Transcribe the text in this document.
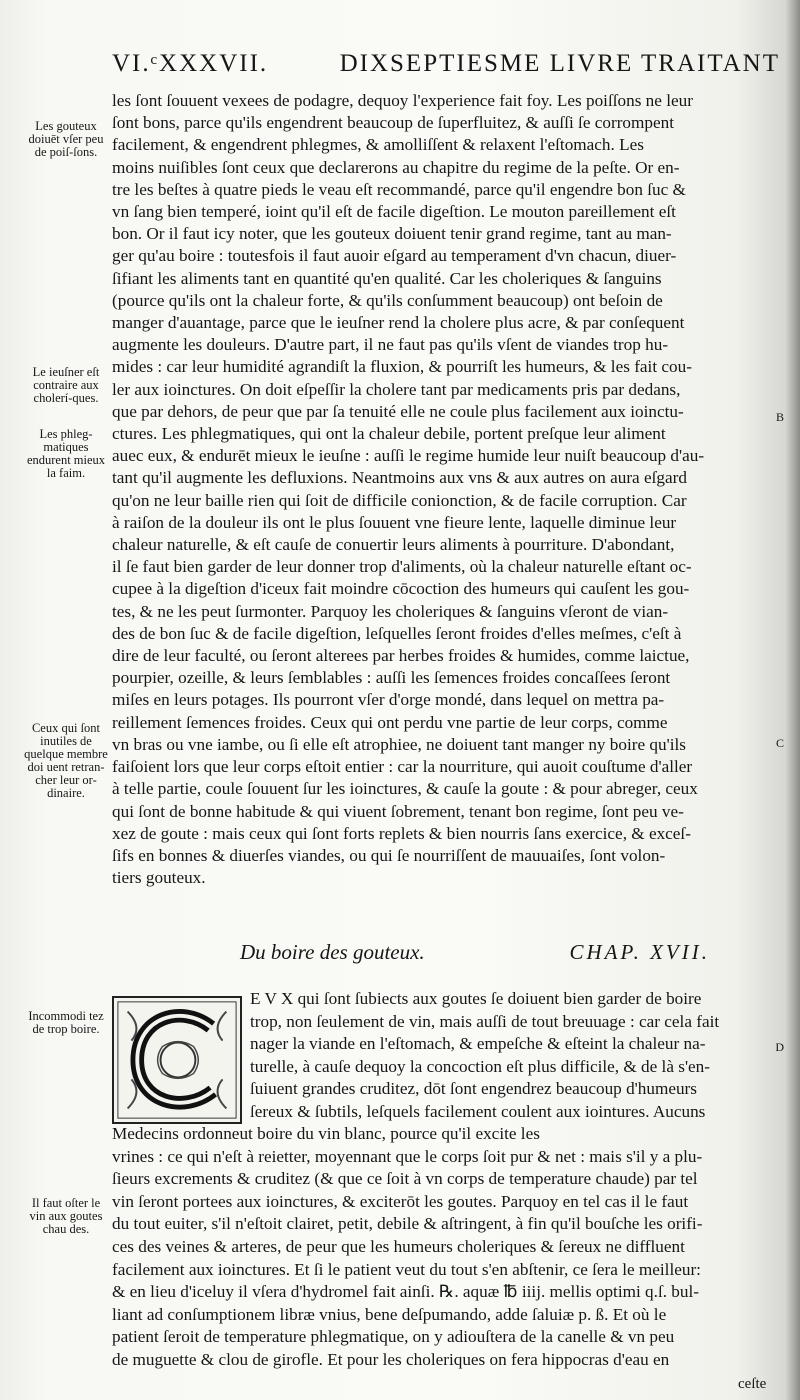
VI.ᶜXXXVII.	DIXSEPTIESME LIVRE TRAITANT
Les gouteux doiuēt vſer peu de poiſ-ſons.
Le ieuſner eſt contraire aux cholerí-ques.
Les phleg-matiques endurent mieux la faim.
Ceux qui ſont inutiles de quelque membre doi uent retran-cher leur or-dinaire.
Incommodi tez de trop boire.
Il faut oſter le vin aux goutes chau des.
B
C
D
les ſont ſouuent vexees de podagre, dequoy l'experience fait foy. Les poiſſons ne leur
ſont bons, parce qu'ils engendrent beaucoup de ſuperfluitez, & auſſi ſe corrompent
facilement, & engendrent phlegmes, & amolliſſent & relaxent l'eſtomach. Les
moins nuiſibles ſont ceux que declarerons au chapitre du regime de la peſte. Or en-
tre les beſtes à quatre pieds le veau eſt recommandé, parce qu'il engendre bon ſuc &
vn ſang bien temperé, ioint qu'il eſt de facile digeſtion. Le mouton pareillement eſt
bon. Or il faut icy noter, que les gouteux doiuent tenir grand regime, tant au man-
ger qu'au boire : toutesfois il faut auoir eſgard au temperament d'vn chacun, diuer-
ſifiant les aliments tant en quantité qu'en qualité. Car les choleriques & ſanguins
(pource qu'ils ont la chaleur forte, & qu'ils conſumment beaucoup) ont beſoin de
manger d'auantage, parce que le ieuſner rend la cholere plus acre, & par conſequent
augmente les douleurs. D'autre part, il ne faut pas qu'ils vſent de viandes trop hu-
mides : car leur humidité agrandiſt la fluxion, & pourriſt les humeurs, & les fait cou-
ler aux ioinctures. On doit eſpeſſir la cholere tant par medicaments pris par dedans,
que par dehors, de peur que par ſa tenuité elle ne coule plus facilement aux ioinctu-
ctures. Les phlegmatiques, qui ont la chaleur debile, portent preſque leur aliment
auec eux, & endurēt mieux le ieuſne : auſſi le regime humide leur nuiſt beaucoup d'au-
tant qu'il augmente les defluxions. Neantmoins aux vns & aux autres on aura eſgard
qu'on ne leur baille rien qui ſoit de difficile conionction, & de facile corruption. Car
à raiſon de la douleur ils ont le plus ſouuent vne fieure lente, laquelle diminue leur
chaleur naturelle, & eſt cauſe de conuertir leurs aliments à pourriture. D'abondant,
il ſe faut bien garder de leur donner trop d'aliments, où la chaleur naturelle eſtant oc-
cupee à la digeſtion d'iceux fait moindre cōcoction des humeurs qui cauſent les gou-
tes, & ne les peut ſurmonter. Parquoy les choleriques & ſanguins vſeront de vian-
des de bon ſuc & de facile digeſtion, leſquelles ſeront froides d'elles meſmes, c'eſt à
dire de leur faculté, ou ſeront alterees par herbes froides & humides, comme laictue,
pourpier, ozeille, & leurs ſemblables : auſſi les ſemences froides concaſſees ſeront
miſes en leurs potages. Ils pourront vſer d'orge mondé, dans lequel on mettra pa-
reillement ſemences froides. Ceux qui ont perdu vne partie de leur corps, comme
vn bras ou vne iambe, ou ſi elle eſt atrophiee, ne doiuent tant manger ny boire qu'ils
faiſoient lors que leur corps eſtoit entier : car la nourriture, qui auoit couſtume d'aller
à telle partie, coule ſouuent ſur les ioinctures, & cauſe la goute : & pour abreger, ceux
qui ſont de bonne habitude & qui viuent ſobrement, tenant bon regime, ſont peu ve-
xez de goute : mais ceux qui ſont forts replets & bien nourris ſans exercice, & exceſ-
ſifs en bonnes & diuerſes viandes, ou qui ſe nourriſſent de mauuaiſes, ſont volon-
tiers gouteux.
Du boire des gouteux.	CHAP. XVII.
E V X qui ſont ſubiects aux goutes ſe doiuent bien garder de boire
trop, non ſeulement de vin, mais auſſi de tout breuuage : car cela fait
nager la viande en l'eſtomach, & empeſche & eſteint la chaleur na-
turelle, à cauſe dequoy la concoction eſt plus difficile, & de là s'en-
ſuiuent grandes cruditez, dōt ſont engendrez beaucoup d'humeurs
ſereux & ſubtils, leſquels facilement coulent aux iointures. Aucuns
Medecins ordonneut boire du vin blanc, pource qu'il excite les
vrines : ce qui n'eſt à reietter, moyennant que le corps ſoit pur & net : mais s'il y a plu-
ſieurs excrements & cruditez (& que ce ſoit à vn corps de temperature chaude) par tel
vin ſeront portees aux ioinctures, & exciterōt les goutes. Parquoy en tel cas il le faut
du tout euiter, s'il n'eſtoit clairet, petit, debile & aſtringent, à fin qu'il bouſche les orifi-
ces des veines & arteres, de peur que les humeurs choleriques & ſereux ne diffluent
facilement aux ioinctures. Et ſi le patient veut du tout s'en abſtenir, ce ſera le meilleur:
& en lieu d'iceluy il vſera d'hydromel fait ainſi. ℞. aquæ ℔ iiij. mellis optimi q.ſ. bul-
liant ad conſumptionem libræ vnius, bene deſpumando, adde ſaluiæ p. ß. Et où le
patient ſeroit de temperature phlegmatique, on y adiouſtera de la canelle & vn peu
de muguette & clou de girofle. Et pour les choleriques on fera hippocras d'eau en
ceſte
